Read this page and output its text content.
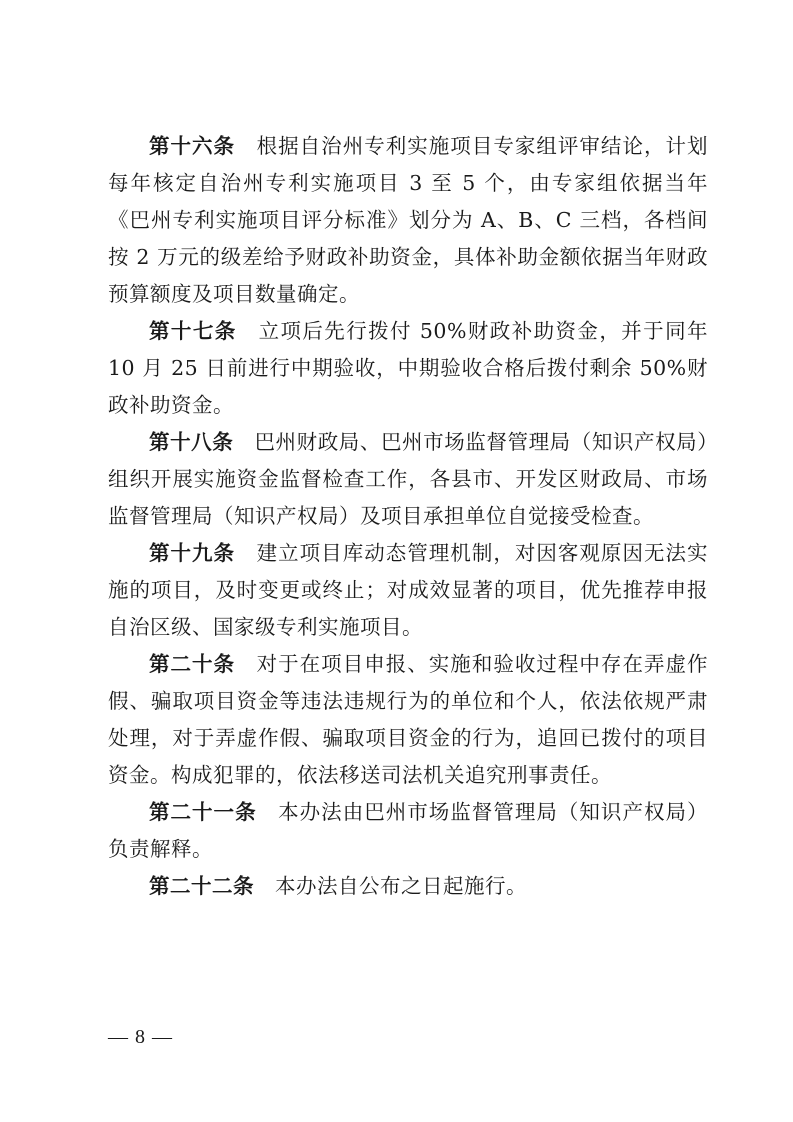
第十六条  根据自治州专利实施项目专家组评审结论，计划每年核定自治州专利实施项目 3 至 5 个，由专家组依据当年《巴州专利实施项目评分标准》划分为 A、B、C 三档，各档间按 2 万元的级差给予财政补助资金，具体补助金额依据当年财政预算额度及项目数量确定。

第十七条  立项后先行拨付 50%财政补助资金，并于同年 10 月 25 日前进行中期验收，中期验收合格后拨付剩余 50%财政补助资金。

第十八条  巴州财政局、巴州市场监督管理局（知识产权局）组织开展实施资金监督检查工作，各县市、开发区财政局、市场监督管理局（知识产权局）及项目承担单位自觉接受检查。

第十九条  建立项目库动态管理机制，对因客观原因无法实施的项目，及时变更或终止；对成效显著的项目，优先推荐申报自治区级、国家级专利实施项目。

第二十条  对于在项目申报、实施和验收过程中存在弄虚作假、骗取项目资金等违法违规行为的单位和个人，依法依规严肃处理，对于弄虚作假、骗取项目资金的行为，追回已拨付的项目资金。构成犯罪的，依法移送司法机关追究刑事责任。

第二十一条  本办法由巴州市场监督管理局（知识产权局）负责解释。

第二十二条  本办法自公布之日起施行。

— 8 —
